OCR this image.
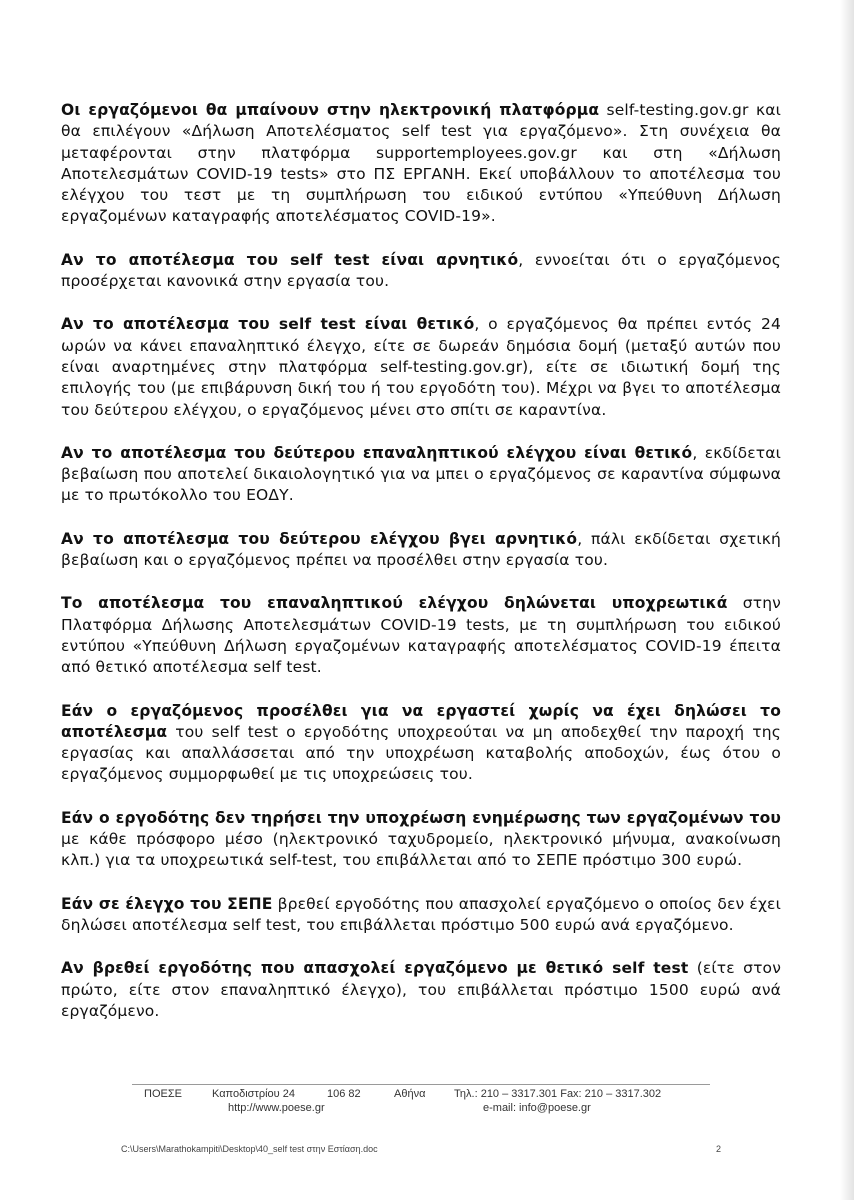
Οι εργαζόμενοι θα μπαίνουν στην ηλεκτρονική πλατφόρμα self-testing.gov.gr και θα επιλέγουν «Δήλωση Αποτελέσματος self test για εργαζόμενο». Στη συνέχεια θα μεταφέρονται στην πλατφόρμα supportemployees.gov.gr και στη «Δήλωση Αποτελεσμάτων COVID-19 tests» στο ΠΣ ΕΡΓΑΝΗ. Εκεί υποβάλλουν το αποτέλεσμα του ελέγχου του τεστ με τη συμπλήρωση του ειδικού εντύπου «Υπεύθυνη Δήλωση εργαζομένων καταγραφής αποτελέσματος COVID-19».

Αν το αποτέλεσμα του self test είναι αρνητικό, εννοείται ότι ο εργαζόμενος προσέρχεται κανονικά στην εργασία του.

Αν το αποτέλεσμα του self test είναι θετικό, ο εργαζόμενος θα πρέπει εντός 24 ωρών να κάνει επαναληπτικό έλεγχο, είτε σε δωρεάν δημόσια δομή (μεταξύ αυτών που είναι αναρτημένες στην πλατφόρμα self-testing.gov.gr), είτε σε ιδιωτική δομή της επιλογής του (με επιβάρυνση δική του ή του εργοδότη του). Μέχρι να βγει το αποτέλεσμα του δεύτερου ελέγχου, ο εργαζόμενος μένει στο σπίτι σε καραντίνα.

Αν το αποτέλεσμα του δεύτερου επαναληπτικού ελέγχου είναι θετικό, εκδίδεται βεβαίωση που αποτελεί δικαιολογητικό για να μπει ο εργαζόμενος σε καραντίνα σύμφωνα με το πρωτόκολλο του ΕΟΔΥ.

Αν το αποτέλεσμα του δεύτερου ελέγχου βγει αρνητικό, πάλι εκδίδεται σχετική βεβαίωση και ο εργαζόμενος πρέπει να προσέλθει στην εργασία του.

Το αποτέλεσμα του επαναληπτικού ελέγχου δηλώνεται υποχρεωτικά στην Πλατφόρμα Δήλωσης Αποτελεσμάτων COVID-19 tests, με τη συμπλήρωση του ειδικού εντύπου «Υπεύθυνη Δήλωση εργαζομένων καταγραφής αποτελέσματος COVID-19 έπειτα από θετικό αποτέλεσμα self test.

Εάν ο εργαζόμενος προσέλθει για να εργαστεί χωρίς να έχει δηλώσει το αποτέλεσμα του self test ο εργοδότης υποχρεούται να μη αποδεχθεί την παροχή της εργασίας και απαλλάσσεται από την υποχρέωση καταβολής αποδοχών, έως ότου ο εργαζόμενος συμμορφωθεί με τις υποχρεώσεις του.

Εάν ο εργοδότης δεν τηρήσει την υποχρέωση ενημέρωσης των εργαζομένων του με κάθε πρόσφορο μέσο (ηλεκτρονικό ταχυδρομείο, ηλεκτρονικό μήνυμα, ανακοίνωση κλπ.) για τα υποχρεωτικά self-test, του επιβάλλεται από το ΣΕΠΕ πρόστιμο 300 ευρώ.

Εάν σε έλεγχο του ΣΕΠΕ βρεθεί εργοδότης που απασχολεί εργαζόμενο ο οποίος δεν έχει δηλώσει αποτέλεσμα self test, του επιβάλλεται πρόστιμο 500 ευρώ ανά εργαζόμενο.

Αν βρεθεί εργοδότης που απασχολεί εργαζόμενο με θετικό self test (είτε στον πρώτο, είτε στον επαναληπτικό έλεγχο), του επιβάλλεται πρόστιμο 1500 ευρώ ανά εργαζόμενο.

ΠΟΕΣΕ	Καποδιστρίου 24	106 82	Αθήνα	Τηλ.: 210 – 3317.301 Fax: 210 – 3317.302
http://www.poese.gr	e-mail: info@poese.gr
C:\Users\Marathokampiti\Desktop\40_self test στην Εστίαση.doc	2
